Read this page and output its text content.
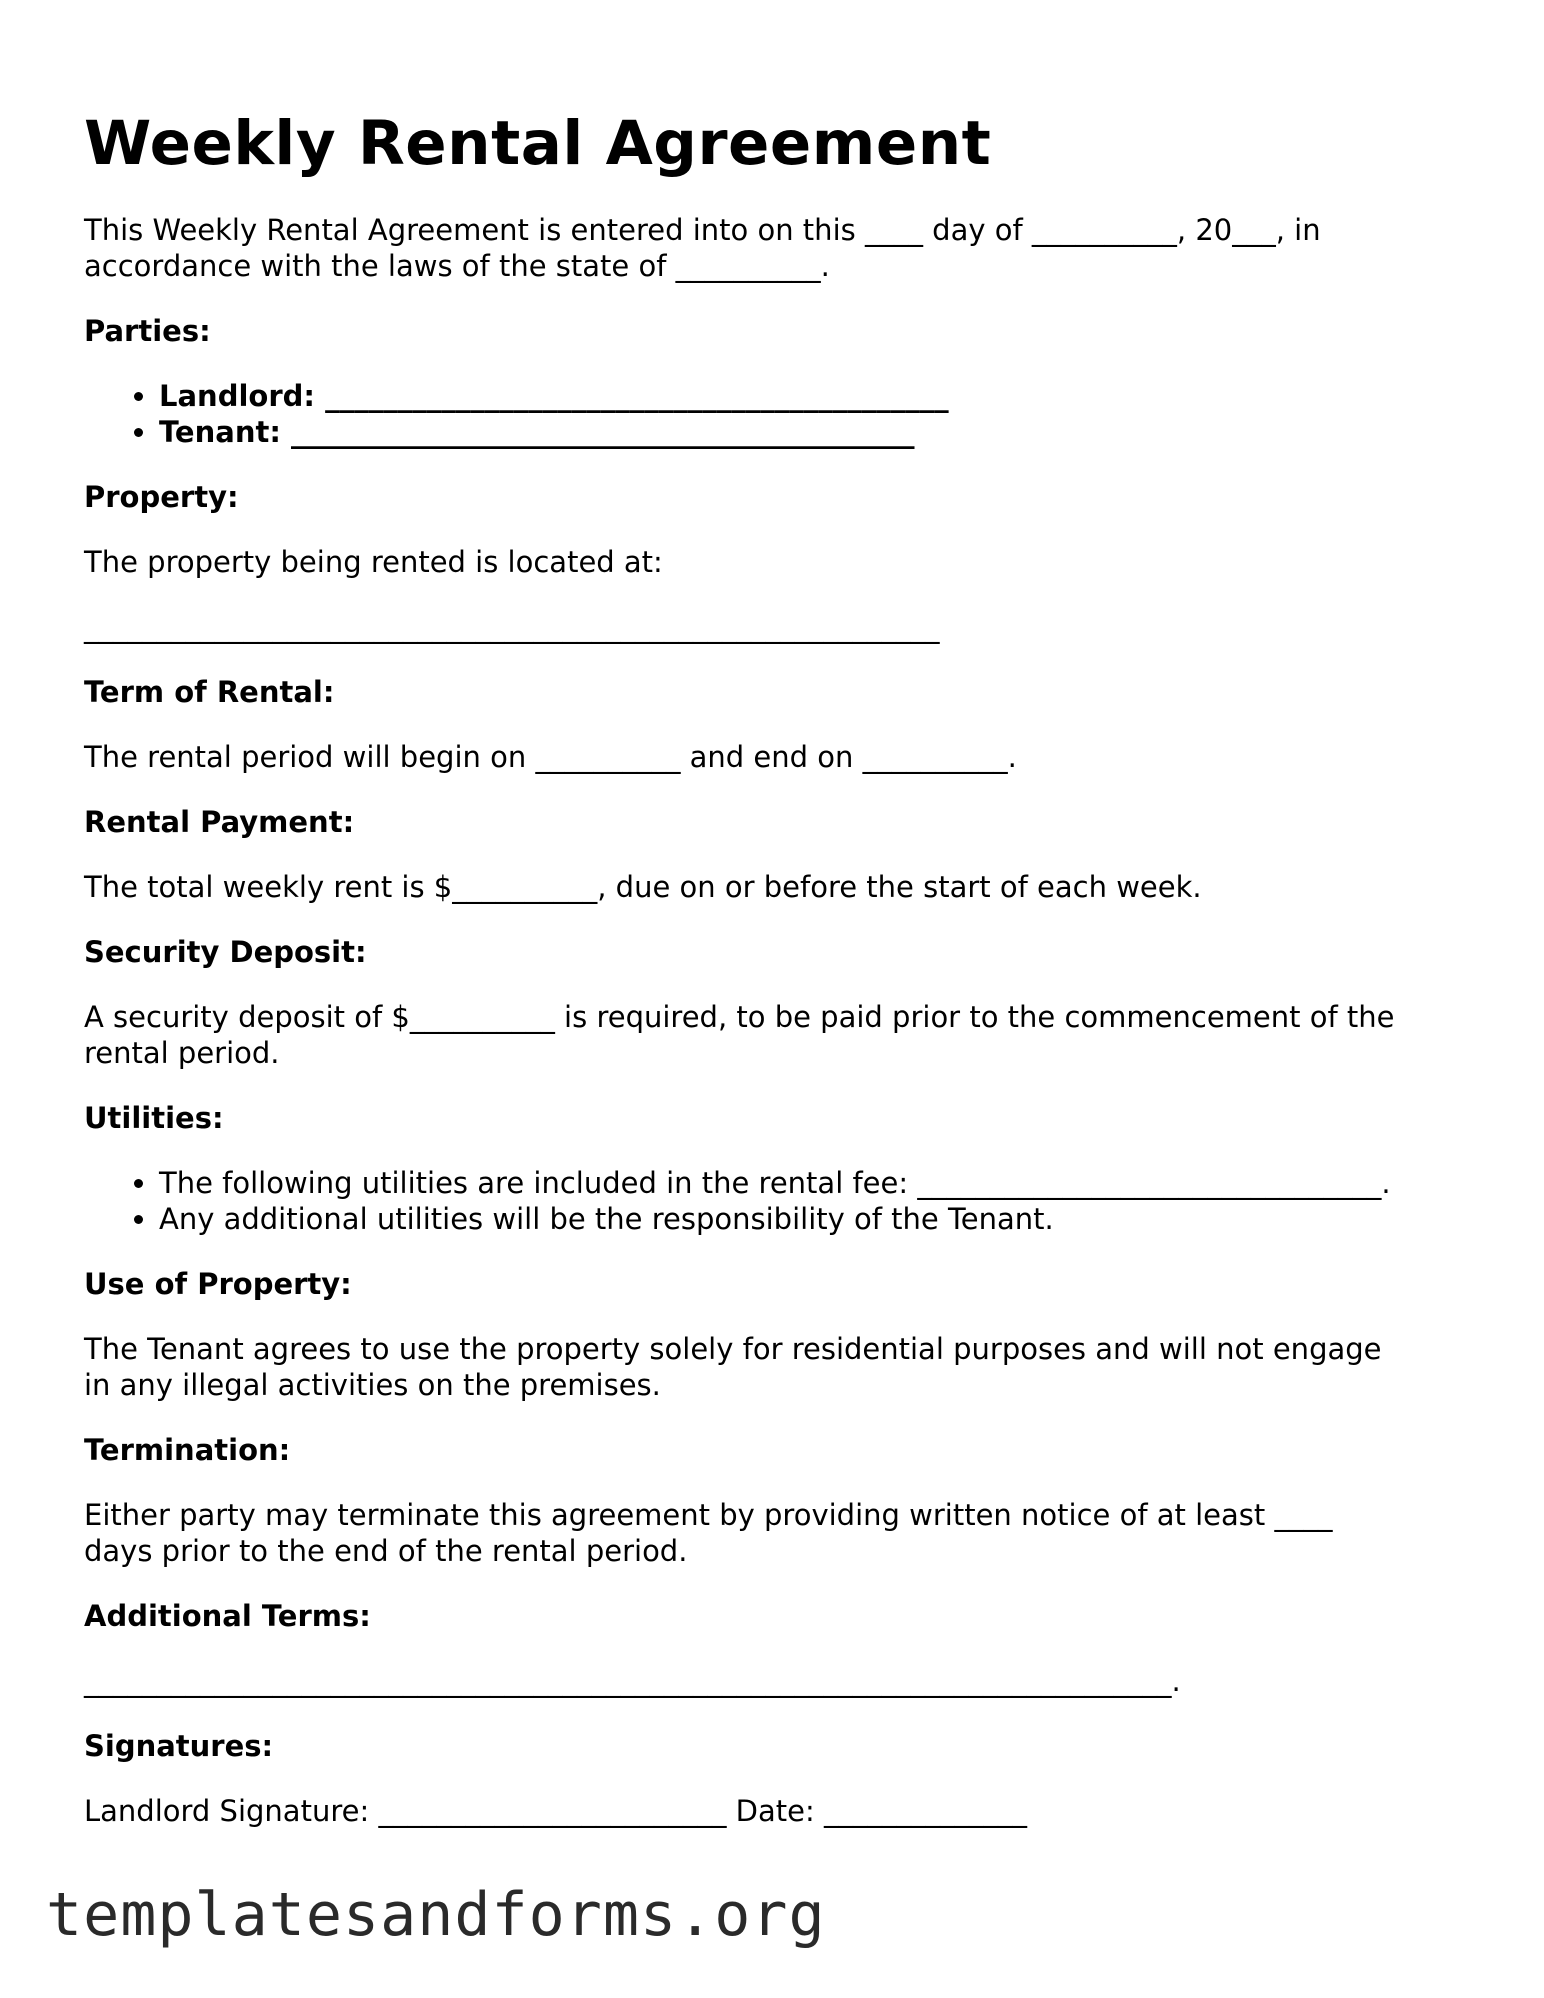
Weekly Rental Agreement

This Weekly Rental Agreement is entered into on this ____ day of __________, 20___, in
accordance with the laws of the state of __________.

Parties:
• Landlord: ___________________________________________
• Tenant: ___________________________________________
Property:

The property being rented is located at:

___________________________________________________________

Term of Rental:

The rental period will begin on __________ and end on __________.

Rental Payment:

The total weekly rent is $__________, due on or before the start of each week.

Security Deposit:

A security deposit of $__________ is required, to be paid prior to the commencement of the
rental period.

Utilities:
• The following utilities are included in the rental fee: ________________________________.
• Any additional utilities will be the responsibility of the Tenant.
Use of Property:

The Tenant agrees to use the property solely for residential purposes and will not engage
in any illegal activities on the premises.

Termination:

Either party may terminate this agreement by providing written notice of at least ____
days prior to the end of the rental period.

Additional Terms:

___________________________________________________________________________.

Signatures:

Landlord Signature: ________________________ Date: ______________

templatesandforms.org
